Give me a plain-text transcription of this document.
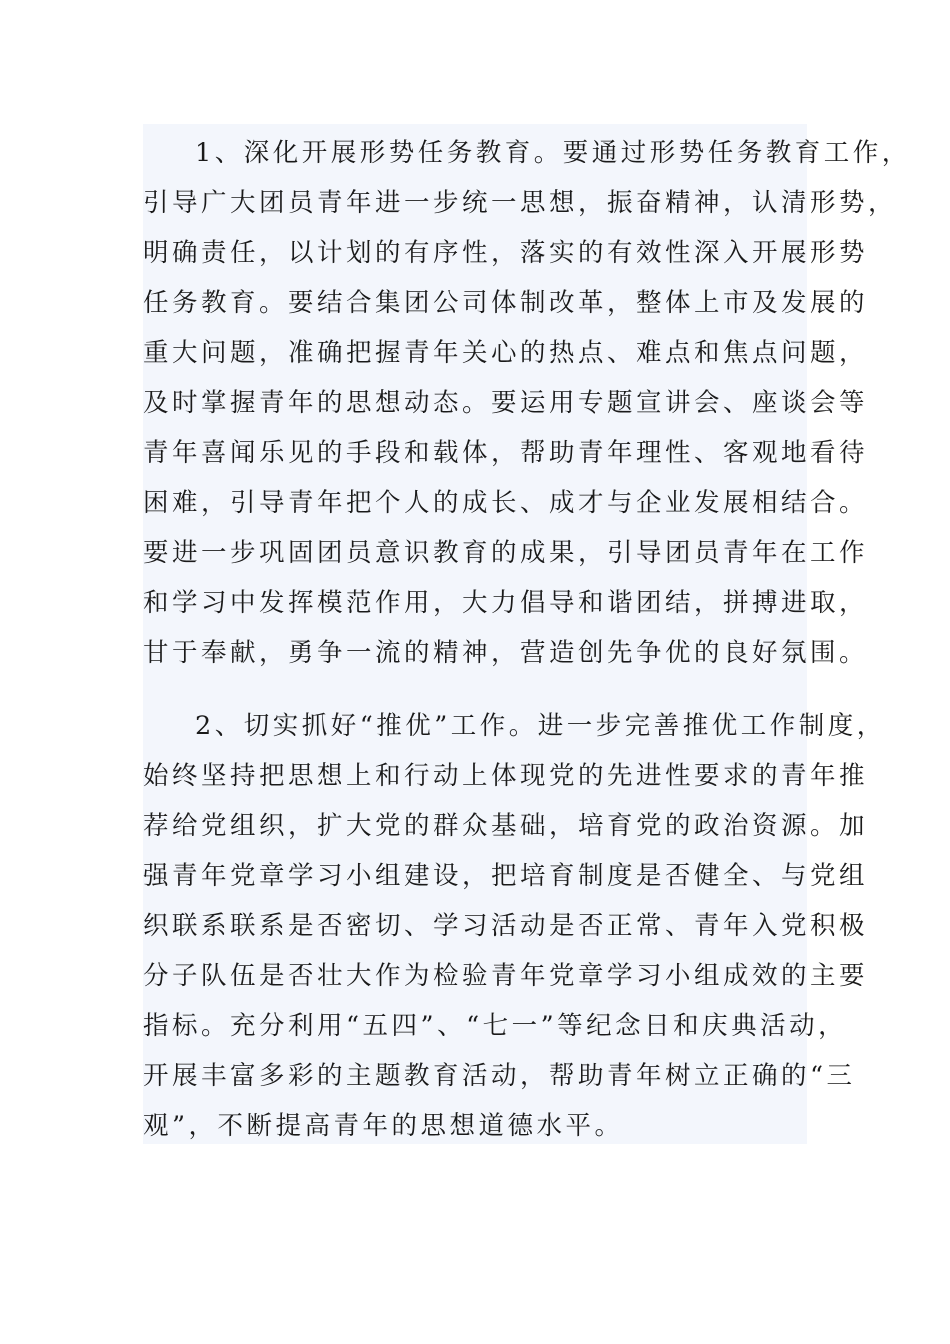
1、深化开展形势任务教育。要通过形势任务教育工作，
引导广大团员青年进一步统一思想，振奋精神，认清形势，
明确责任，以计划的有序性，落实的有效性深入开展形势
任务教育。要结合集团公司体制改革，整体上市及发展的
重大问题，准确把握青年关心的热点、难点和焦点问题，
及时掌握青年的思想动态。要运用专题宣讲会、座谈会等
青年喜闻乐见的手段和载体，帮助青年理性、客观地看待
困难，引导青年把个人的成长、成才与企业发展相结合。
要进一步巩固团员意识教育的成果，引导团员青年在工作
和学习中发挥模范作用，大力倡导和谐团结，拼搏进取，
甘于奉献，勇争一流的精神，营造创先争优的良好氛围。
2、切实抓好“推优”工作。进一步完善推优工作制度，
始终坚持把思想上和行动上体现党的先进性要求的青年推
荐给党组织，扩大党的群众基础，培育党的政治资源。加
强青年党章学习小组建设，把培育制度是否健全、与党组
织联系联系是否密切、学习活动是否正常、青年入党积极
分子队伍是否壮大作为检验青年党章学习小组成效的主要
指标。充分利用“五四”、“七一”等纪念日和庆典活动，
开展丰富多彩的主题教育活动，帮助青年树立正确的“三
观”，不断提高青年的思想道德水平。
